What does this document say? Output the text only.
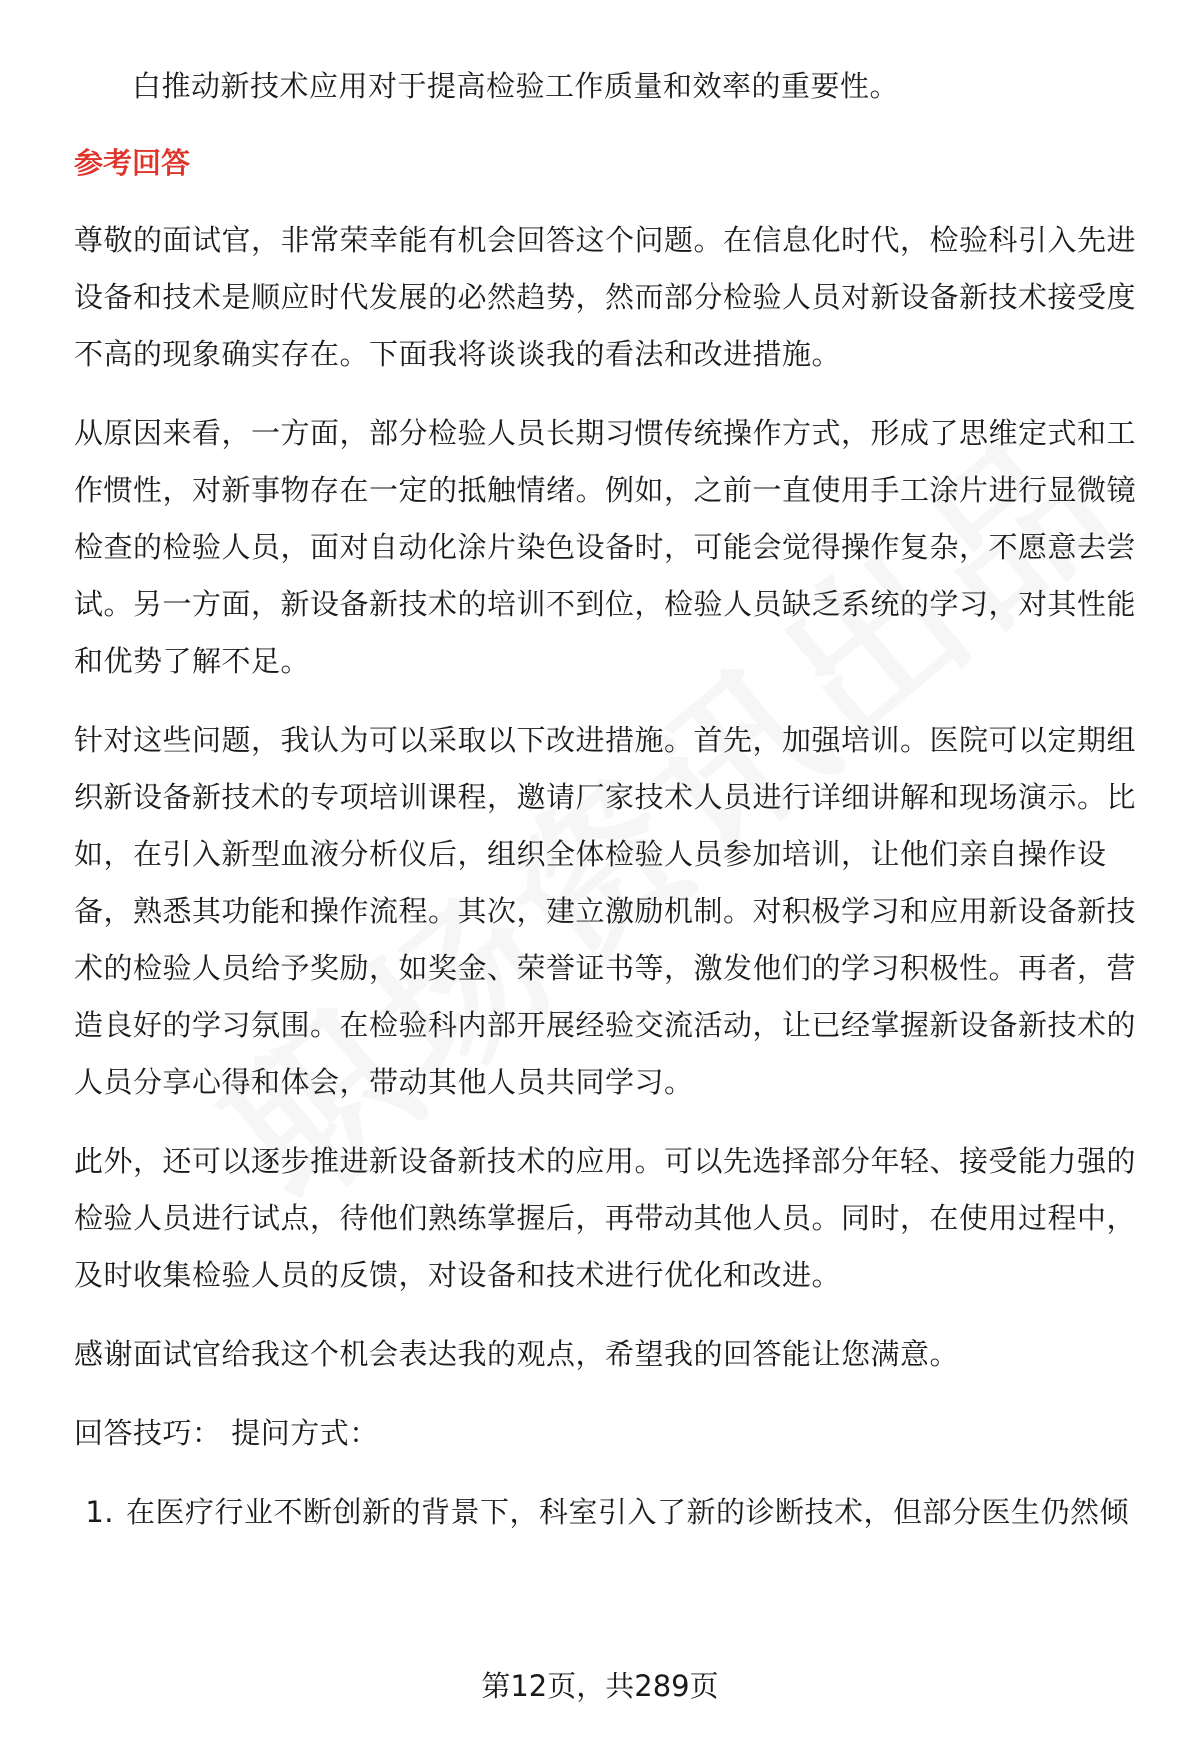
白推动新技术应用对于提高检验工作质量和效率的重要性。

参考回答

尊敬的面试官，非常荣幸能有机会回答这个问题。在信息化时代，检验科引入先进设备和技术是顺应时代发展的必然趋势，然而部分检验人员对新设备新技术接受度不高的现象确实存在。下面我将谈谈我的看法和改进措施。

从原因来看，一方面，部分检验人员长期习惯传统操作方式，形成了思维定式和工作惯性，对新事物存在一定的抵触情绪。例如，之前一直使用手工涂片进行显微镜检查的检验人员，面对自动化涂片染色设备时，可能会觉得操作复杂，不愿意去尝试。另一方面，新设备新技术的培训不到位，检验人员缺乏系统的学习，对其性能和优势了解不足。

针对这些问题，我认为可以采取以下改进措施。首先，加强培训。医院可以定期组织新设备新技术的专项培训课程，邀请厂家技术人员进行详细讲解和现场演示。比如，在引入新型血液分析仪后，组织全体检验人员参加培训，让他们亲自操作设备，熟悉其功能和操作流程。其次，建立激励机制。对积极学习和应用新设备新技术的检验人员给予奖励，如奖金、荣誉证书等，激发他们的学习积极性。再者，营造良好的学习氛围。在检验科内部开展经验交流活动，让已经掌握新设备新技术的人员分享心得和体会，带动其他人员共同学习。

此外，还可以逐步推进新设备新技术的应用。可以先选择部分年轻、接受能力强的检验人员进行试点，待他们熟练掌握后，再带动其他人员。同时，在使用过程中，及时收集检验人员的反馈，对设备和技术进行优化和改进。

感谢面试官给我这个机会表达我的观点，希望我的回答能让您满意。

回答技巧： 提问方式：

1. 在医疗行业不断创新的背景下，科室引入了新的诊断技术，但部分医生仍然倾
第12页，共289页
